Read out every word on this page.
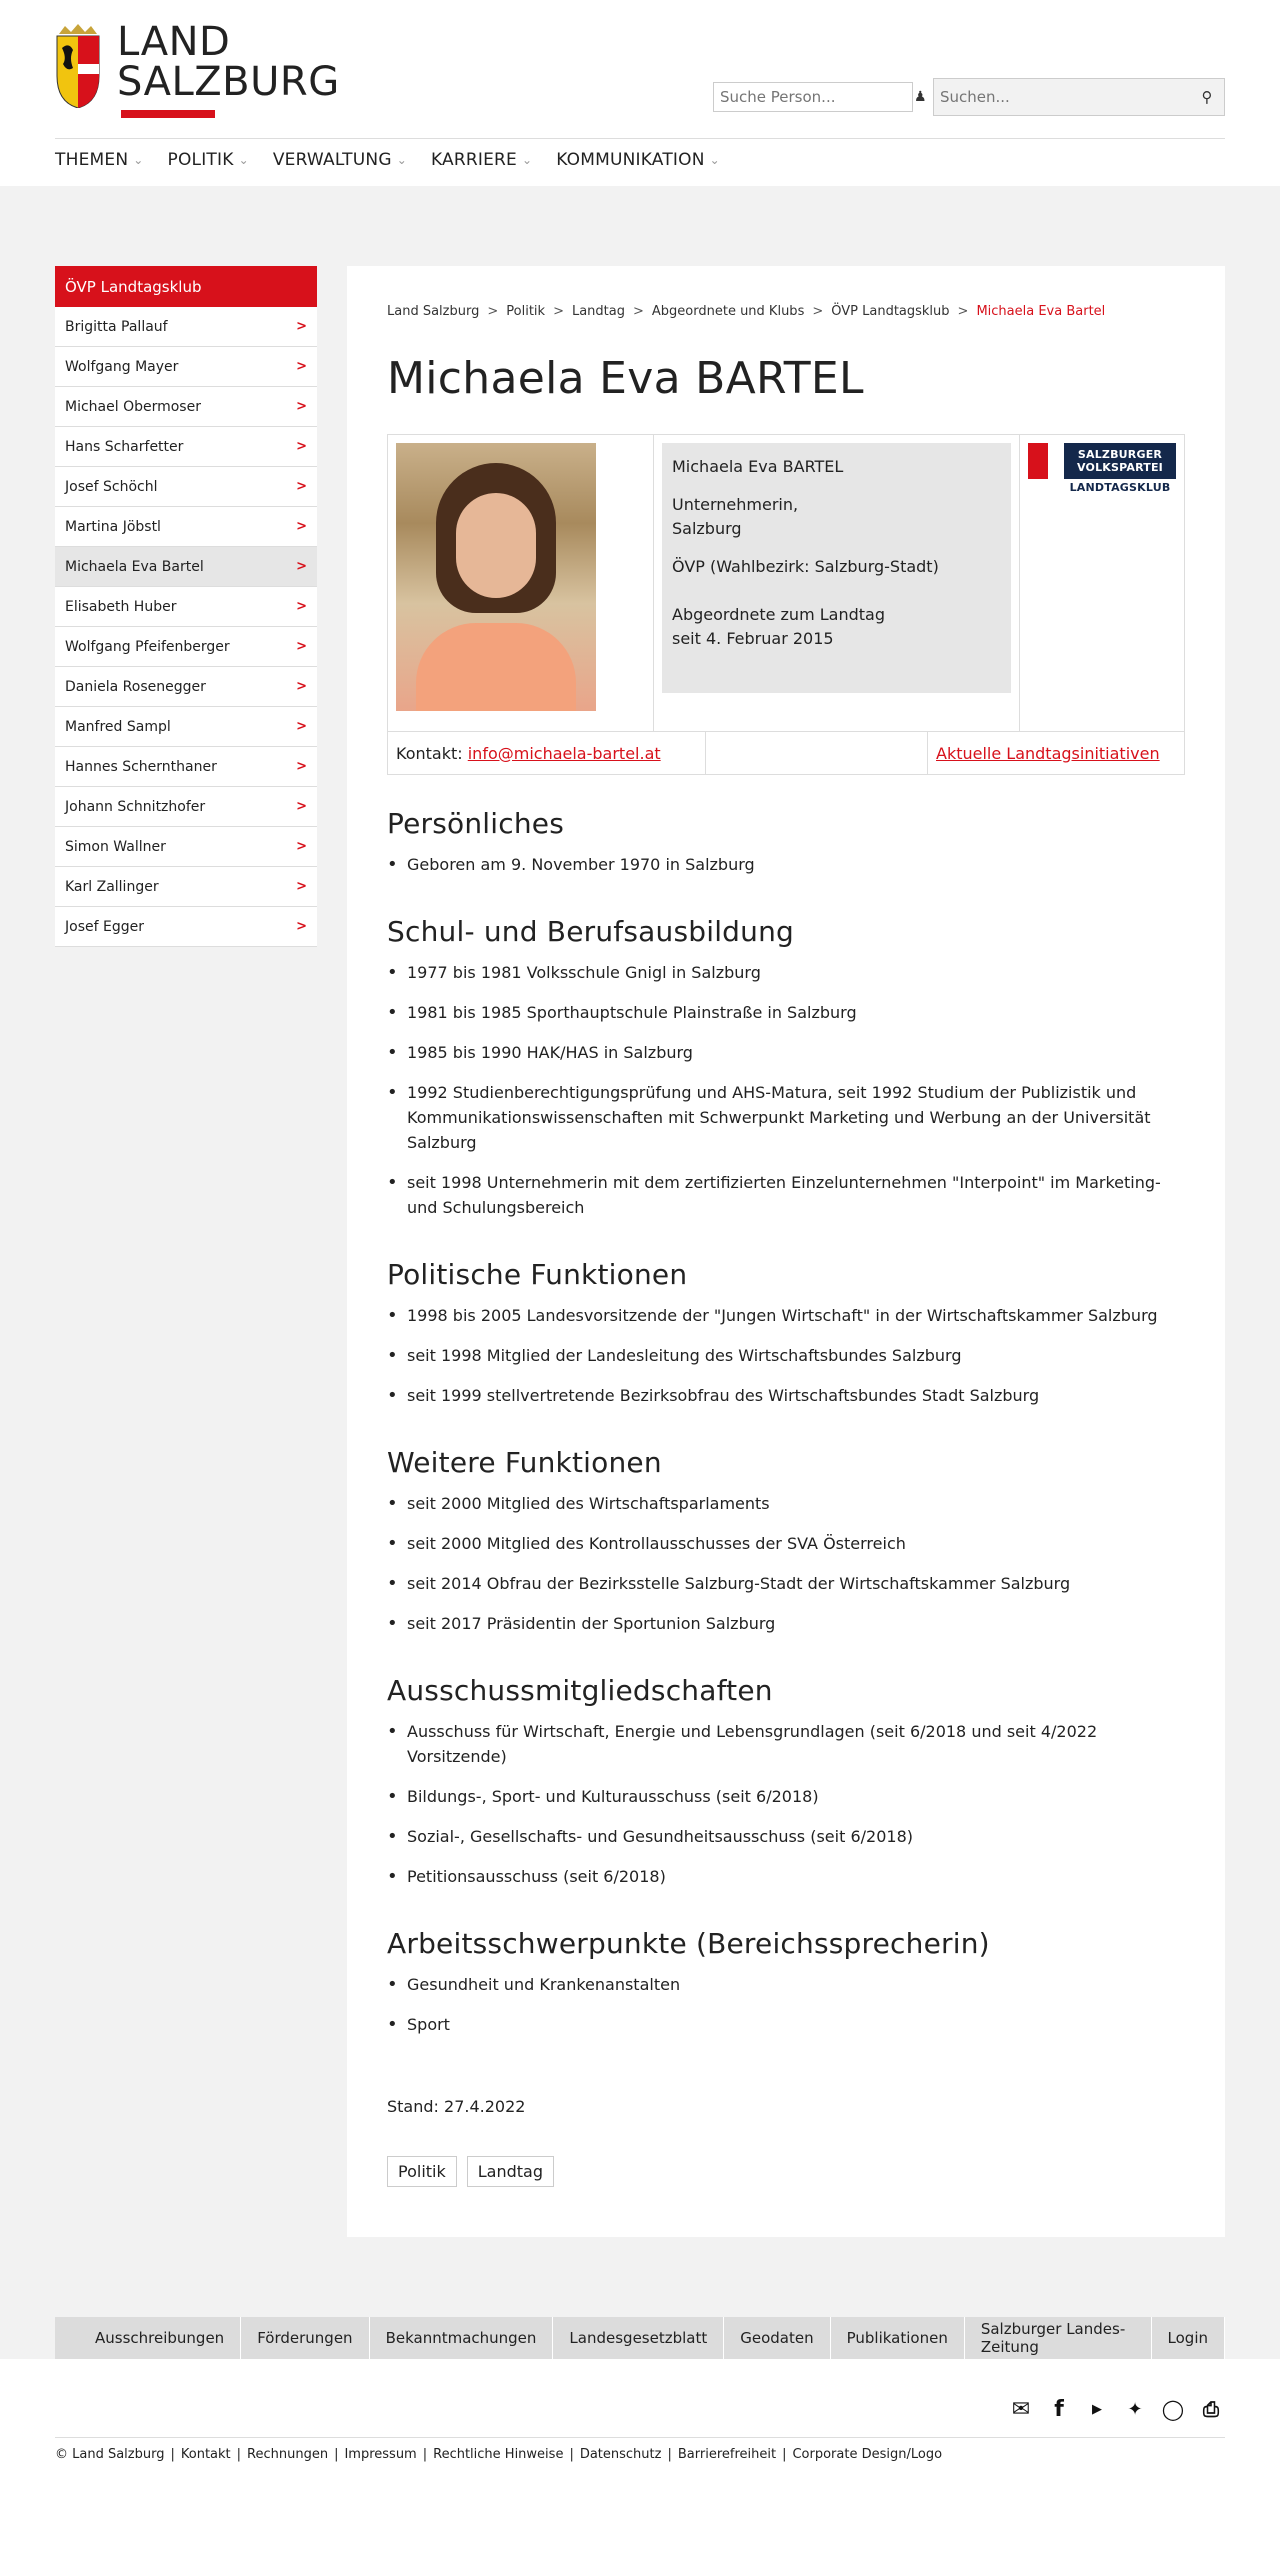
LAND
SALZBURG
Suche Person...	♟
Suchen...	⚲
THEMEN ⌄ POLITIK ⌄ VERWALTUNG ⌄ KARRIERE ⌄ KOMMUNIKATION ⌄
ÖVP Landtagsklub
Brigitta Pallauf	>
Wolfgang Mayer	>
Michael Obermoser	>
Hans Scharfetter	>
Josef Schöchl	>
Martina Jöbstl	>
Michaela Eva Bartel	>
Elisabeth Huber	>
Wolfgang Pfeifenberger	>
Daniela Rosenegger	>
Manfred Sampl	>
Hannes Schernthaner	>
Johann Schnitzhofer	>
Simon Wallner	>
Karl Zallinger	>
Josef Egger	>
Land Salzburg > Politik > Landtag > Abgeordnete und Klubs > ÖVP Landtagsklub > Michaela Eva Bartel
Michaela Eva BARTEL

Michaela Eva BARTEL

Unternehmerin,
Salzburg

ÖVP (Wahlbezirk: Salzburg-Stadt)

Abgeordnete zum Landtag
seit 4. Februar 2015

SALZBURGER
VOLKSPARTEI
LANDTAGSKLUB
Kontakt:
info@michaela-bartel.at	Aktuelle Landtagsinitiativen
Persönliches
• Geboren am 9. November 1970 in Salzburg
Schul- und Berufsausbildung
• 1977 bis 1981 Volksschule Gnigl in Salzburg
• 1981 bis 1985 Sporthauptschule Plainstraße in Salzburg
• 1985 bis 1990 HAK/HAS in Salzburg
• 1992 Studienberechtigungsprüfung und AHS-Matura, seit 1992 Studium der Publizistik und Kommunikationswissenschaften mit Schwerpunkt Marketing und Werbung an der Universität Salzburg
• seit 1998 Unternehmerin mit dem zertifizierten Einzelunternehmen "Interpoint" im Marketing- und Schulungsbereich
Politische Funktionen
• 1998 bis 2005 Landesvorsitzende der "Jungen Wirtschaft" in der Wirtschaftskammer Salzburg
• seit 1998 Mitglied der Landesleitung des Wirtschaftsbundes Salzburg
• seit 1999 stellvertretende Bezirksobfrau des Wirtschaftsbundes Stadt Salzburg
Weitere Funktionen
• seit 2000 Mitglied des Wirtschaftsparlaments
• seit 2000 Mitglied des Kontrollausschusses der SVA Österreich
• seit 2014 Obfrau der Bezirksstelle Salzburg-Stadt der Wirtschaftskammer Salzburg
• seit 2017 Präsidentin der Sportunion Salzburg
Ausschussmitgliedschaften
• Ausschuss für Wirtschaft, Energie und Lebensgrundlagen (seit 6/2018 und seit 4/2022 Vorsitzende)
• Bildungs-, Sport- und Kulturausschuss (seit 6/2018)
• Sozial-, Gesellschafts- und Gesundheitsausschuss (seit 6/2018)
• Petitionsausschuss (seit 6/2018)
Arbeitsschwerpunkte (Bereichssprecherin)
• Gesundheit und Krankenanstalten
• Sport

Stand: 27.4.2022

Politik	Landtag
Ausschreibungen	Förderungen	Bekanntmachungen	Landesgesetzblatt	Geodaten	Publikationen	Salzburger Landes-Zeitung	Login
✉	f	▶	✦ ◯ ⎙
© Land Salzburg | Kontakt | Rechnungen | Impressum | Rechtliche Hinweise | Datenschutz | Barrierefreiheit | Corporate Design/Logo
